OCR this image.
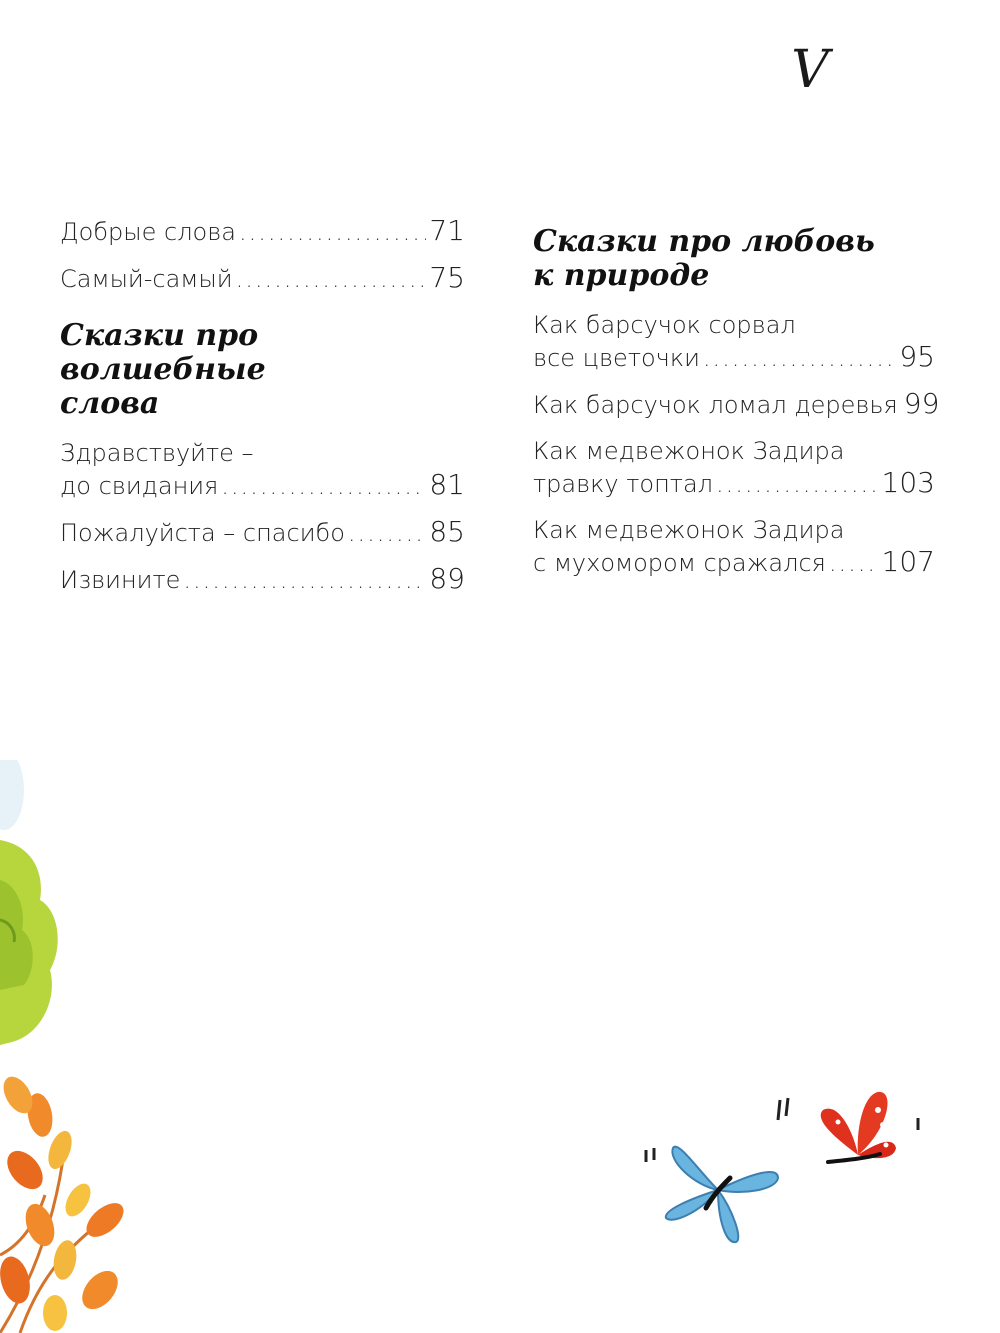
V
Добрые слова .....	71
Самый-самый .....	75
Сказки про волшебные
слова
Здравствуйте –
до свидания .....	81
Пожалуйста – спасибо .....	85
Извините .....	89
Сказки про любовь
к природе
Как барсучок сорвал
все цветочки .....	95
Как барсучок ломал деревья 99
Как медвежонок Задира
травку топтал .....	103
Как медвежонок Задира
с мухомором сражался ..... 107
